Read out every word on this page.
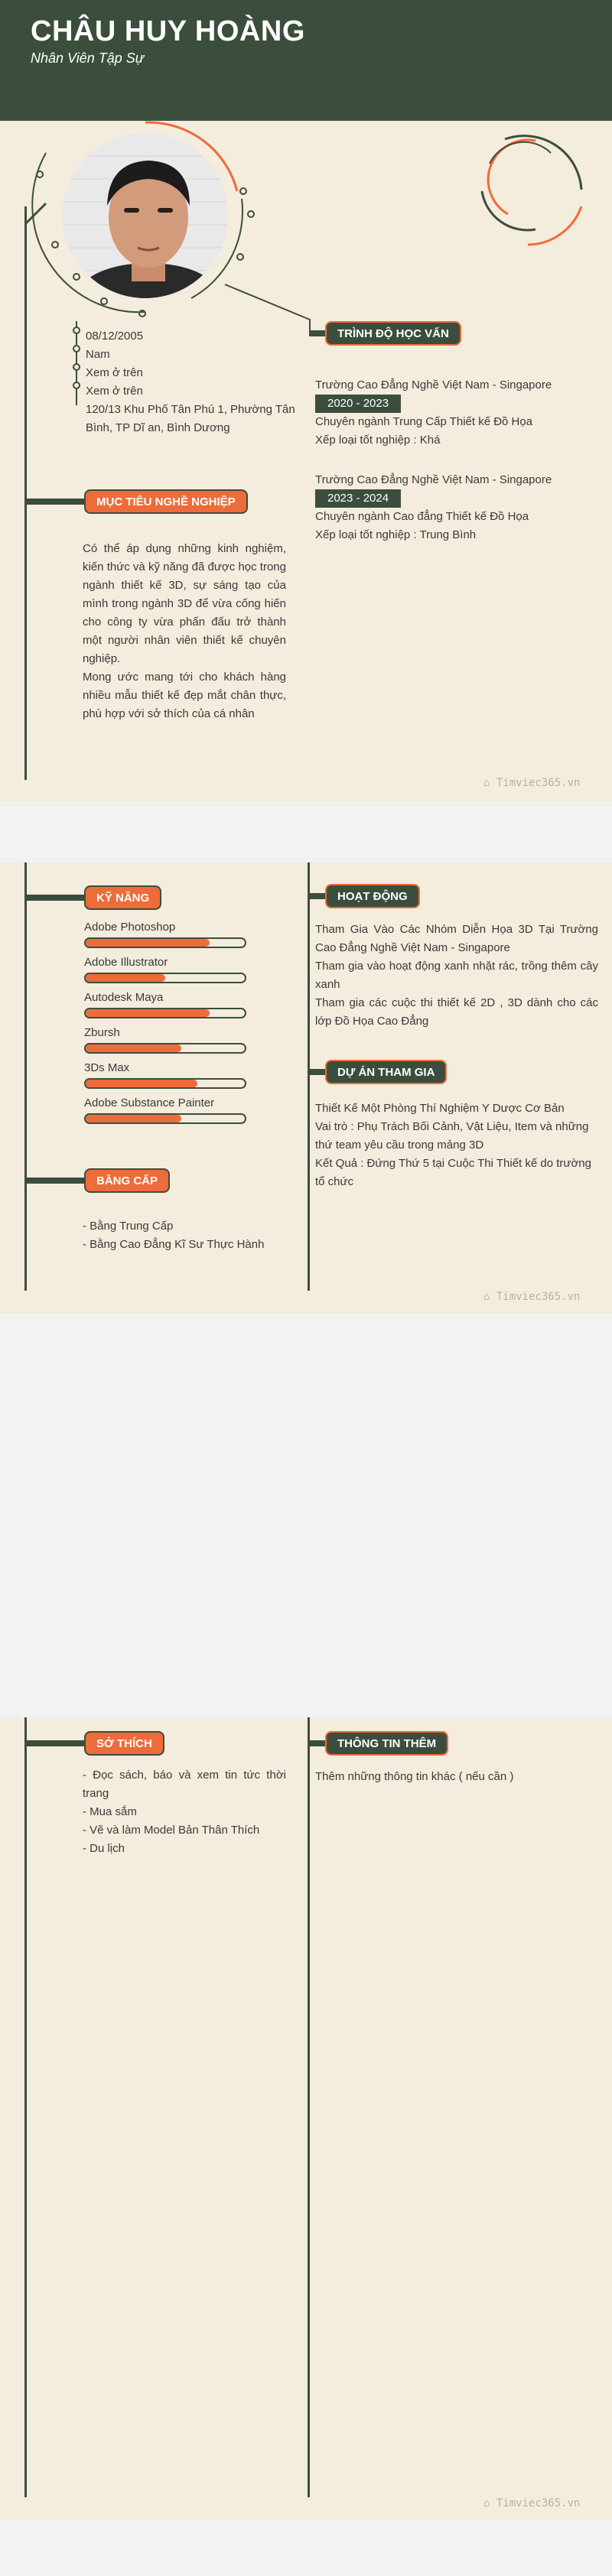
CHÂU HUY HOÀNG
Nhân Viên Tập Sự
08/12/2005
Nam
Xem ở trên
Xem ở trên
120/13 Khu Phố Tân Phú 1, Phường Tân Bình, TP Dĩ an, Bình Dương
MỤC TIÊU NGHỀ NGHIỆP
Có thể áp dụng những kinh nghiệm, kiến thức và kỹ năng đã được học trong ngành thiết kế 3D, sự sáng tạo của mình trong ngành 3D để vừa cống hiến cho công ty vừa phấn đấu trở thành một người nhân viên thiết kế chuyên nghiệp.
Mong ước mang tới cho khách hàng nhiều mẫu thiết kế đẹp mắt chân thực, phù hợp với sở thích của cá nhân
TRÌNH ĐỘ HỌC VẤN
Trường Cao Đẳng Nghề Việt Nam - Singapore
2020 - 2023
Chuyên ngành Trung Cấp Thiết kế Đồ Họa
Xếp loại tốt nghiệp : Khá
Trường Cao Đẳng Nghề Việt Nam - Singapore
2023 - 2024
Chuyên ngành Cao đẳng Thiết kế Đồ Họa
Xếp loại tốt nghiệp : Trung Bình
⌂ Timviec365.vn
KỸ NĂNG
Adobe Photoshop
Adobe Illustrator
Autodesk Maya
Zbursh
3Ds Max
Adobe Substance Painter
BẰNG CẤP
- Bằng Trung Cấp
- Bằng Cao Đẳng Kĩ Sư Thực Hành
HOẠT ĐỘNG
Tham Gia Vào Các Nhóm Diễn Họa 3D Tại Trường Cao Đẳng Nghề Việt Nam - Singapore
Tham gia vào hoạt động xanh nhặt rác, trồng thêm cây xanh
Tham gia các cuộc thi thiết kế 2D , 3D dành cho các lớp Đồ Họa Cao Đẳng
DỰ ÁN THAM GIA
Thiết Kế Một Phòng Thí Nghiệm Y Dược Cơ Bản
Vai trò : Phụ Trách Bối Cảnh, Vật Liệu, Item và những thứ team yêu cầu trong mảng 3D
Kết Quả : Đứng Thứ 5 tại Cuộc Thi Thiết kế do trường tổ chức
⌂ Timviec365.vn
SỞ THÍCH
- Đọc sách, báo và xem tin tức thời trang
- Mua sắm
- Vẽ và làm Model Bản Thân Thích
- Du lịch
THÔNG TIN THÊM
Thêm những thông tin khác ( nếu cần )
⌂ Timviec365.vn
